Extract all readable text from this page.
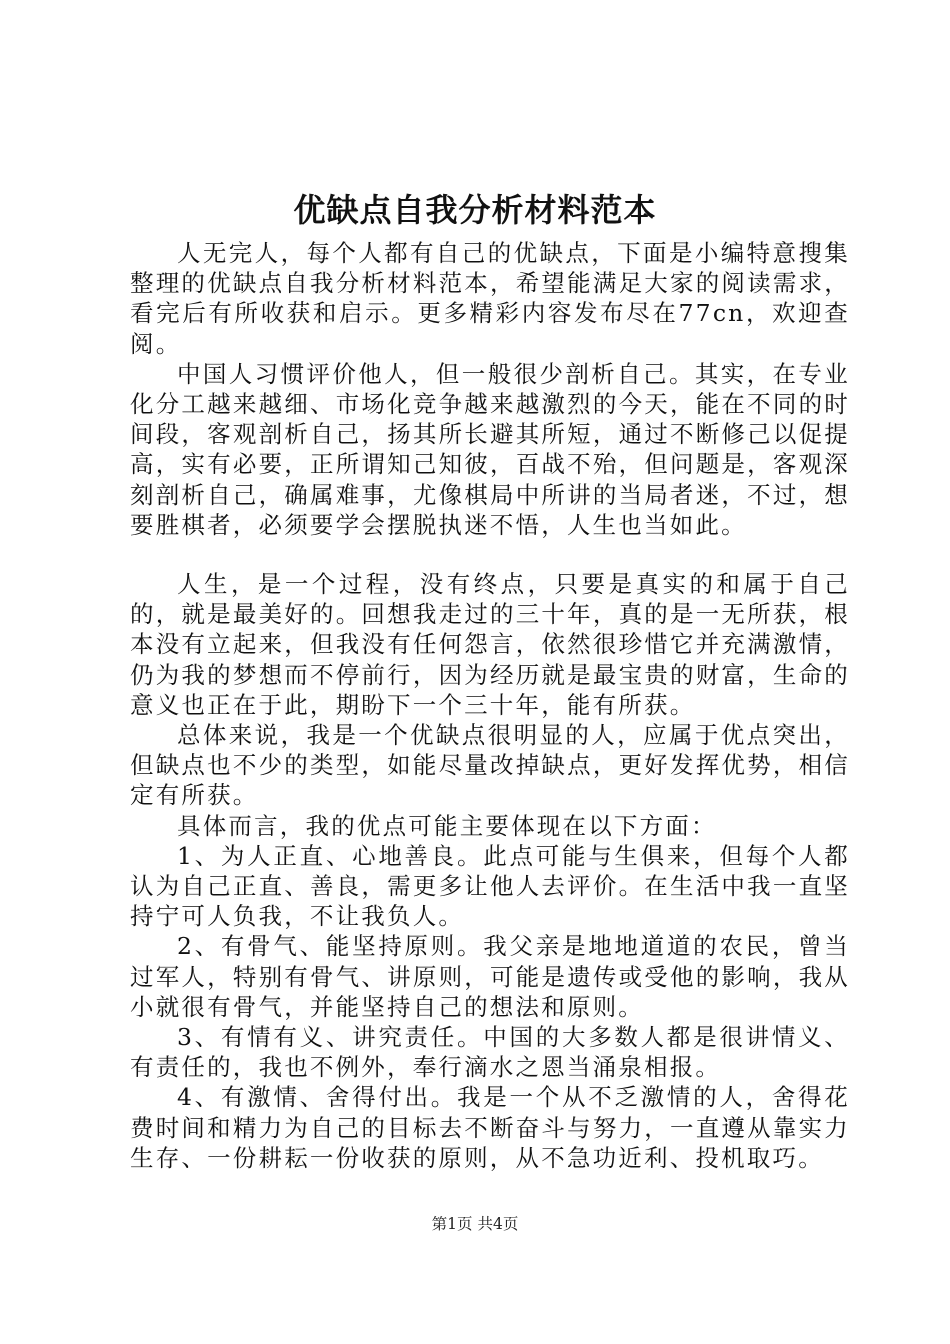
优缺点自我分析材料范本

人无完人，每个人都有自己的优缺点，下面是小编特意搜集整理的优缺点自我分析材料范本，希望能满足大家的阅读需求，看完后有所收获和启示。更多精彩内容发布尽在77cn，欢迎查阅。

中国人习惯评价他人，但一般很少剖析自己。其实，在专业化分工越来越细、市场化竞争越来越激烈的今天，能在不同的时间段，客观剖析自己，扬其所长避其所短，通过不断修己以促提高，实有必要，正所谓知己知彼，百战不殆，但问题是，客观深刻剖析自己，确属难事，尤像棋局中所讲的当局者迷，不过，想要胜棋者，必须要学会摆脱执迷不悟，人生也当如此。

人生，是一个过程，没有终点，只要是真实的和属于自己的，就是最美好的。回想我走过的三十年，真的是一无所获，根本没有立起来，但我没有任何怨言，依然很珍惜它并充满激情，仍为我的梦想而不停前行，因为经历就是最宝贵的财富，生命的意义也正在于此，期盼下一个三十年，能有所获。

总体来说，我是一个优缺点很明显的人，应属于优点突出，但缺点也不少的类型，如能尽量改掉缺点，更好发挥优势，相信定有所获。

具体而言，我的优点可能主要体现在以下方面：

1、为人正直、心地善良。此点可能与生俱来，但每个人都认为自己正直、善良，需更多让他人去评价。在生活中我一直坚持宁可人负我，不让我负人。

2、有骨气、能坚持原则。我父亲是地地道道的农民，曾当过军人，特别有骨气、讲原则，可能是遗传或受他的影响，我从小就很有骨气，并能坚持自己的想法和原则。

3、有情有义、讲究责任。中国的大多数人都是很讲情义、有责任的，我也不例外，奉行滴水之恩当涌泉相报。

4、有激情、舍得付出。我是一个从不乏激情的人，舍得花费时间和精力为自己的目标去不断奋斗与努力，一直遵从靠实力生存、一份耕耘一份收获的原则，从不急功近利、投机取巧。

第1页 共4页
